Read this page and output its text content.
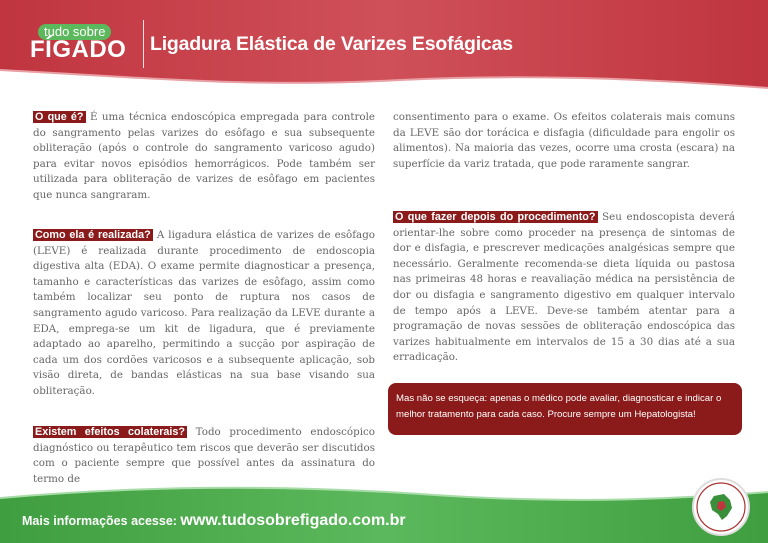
tudo sobre
FÍGADO Ligadura Elástica de Varizes Esofágicas

O que é? É uma técnica endoscópica empregada para controle do sangramento pelas varizes do esôfago e sua subsequente obliteração (após o controle do sangramento varicoso agudo) para evitar novos episódios hemorrágicos. Pode também ser utilizada para obliteração de varizes de esôfago em pacientes que nunca sangraram.

Como ela é realizada? A ligadura elástica de varizes de esôfago (LEVE) é realizada durante procedimento de endoscopia digestiva alta (EDA). O exame permite diagnosticar a presença, tamanho e características das varizes de esôfago, assim como também localizar seu ponto de ruptura nos casos de sangramento agudo varicoso. Para realização da LEVE durante a EDA, emprega-se um kit de ligadura, que é previamente adaptado ao aparelho, permitindo a sucção por aspiração de cada um dos cordões varicosos e a subsequente aplicação, sob visão direta, de bandas elásticas na sua base visando sua obliteração.

Existem efeitos colaterais? Todo procedimento endoscópico diagnóstico ou terapêutico tem riscos que deverão ser discutidos com o paciente sempre que possível antes da assinatura do termo de

consentimento para o exame. Os efeitos colaterais mais comuns da LEVE são dor torácica e disfagia (dificuldade para engolir os alimentos). Na maioria das vezes, ocorre uma crosta (escara) na superfície da variz tratada, que pode raramente sangrar.

O que fazer depois do procedimento? Seu endoscopista deverá orientar-lhe sobre como proceder na presença de sintomas de dor e disfagia, e prescrever medicações analgésicas sempre que necessário. Geralmente recomenda-se dieta líquida ou pastosa nas primeiras 48 horas e reavaliação médica na persistência de dor ou disfagia e sangramento digestivo em qualquer intervalo de tempo após a LEVE. Deve-se também atentar para a programação de novas sessões de obliteração endoscópica das varizes habitualmente em intervalos de 15 a 30 dias até a sua erradicação.

Mas não se esqueça: apenas o médico pode avaliar, diagnosticar e indicar o melhor tratamento para cada caso. Procure sempre um Hepatologista!
Mais informações acesse: www.tudosobrefigado.com.br
